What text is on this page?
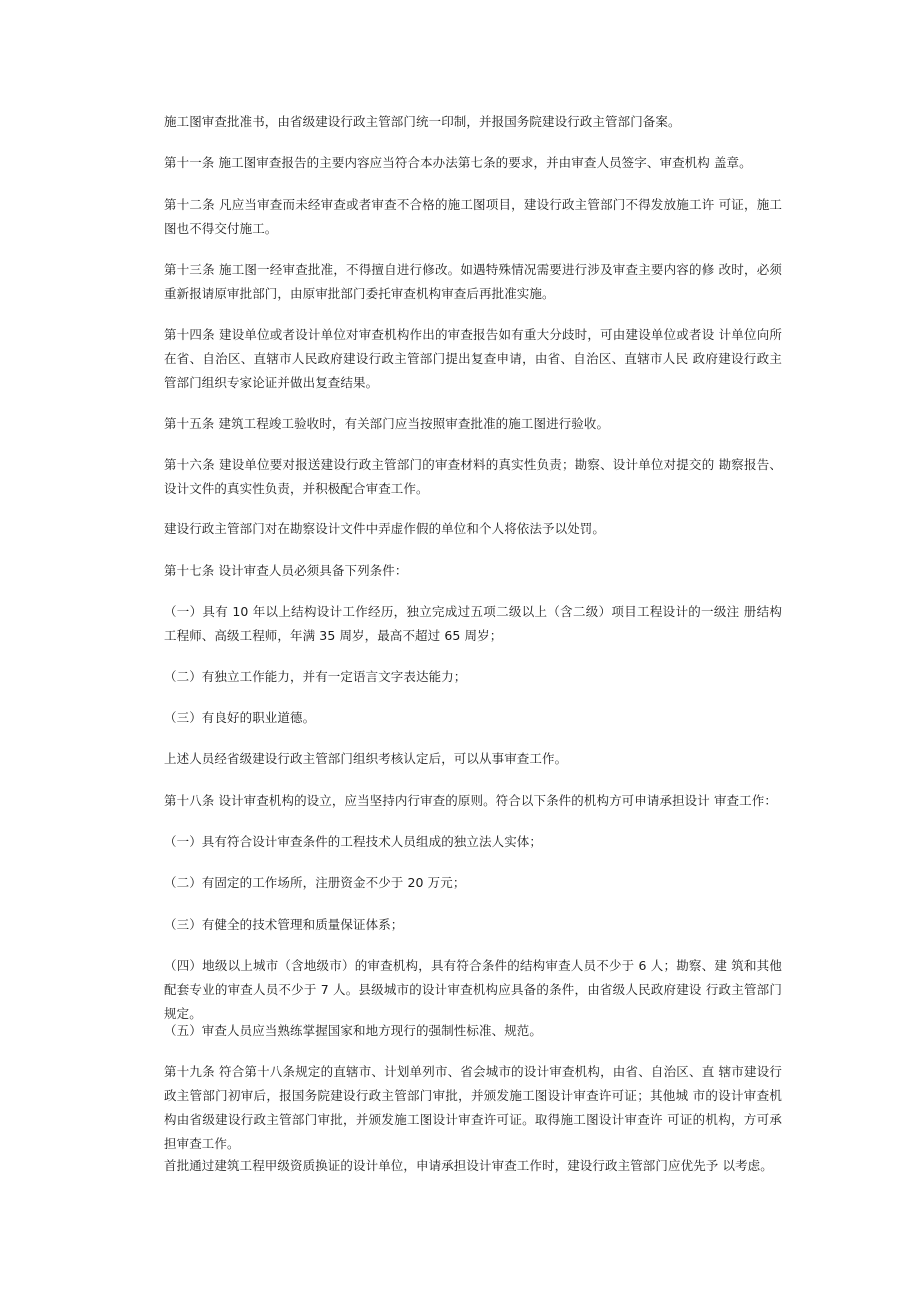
施工图审查批准书，由省级建设行政主管部门统一印制，并报国务院建设行政主管部门备案。

第十一条 施工图审查报告的主要内容应当符合本办法第七条的要求，并由审查人员签字、审查机构 盖章。

第十二条 凡应当审查而未经审查或者审查不合格的施工图项目，建设行政主管部门不得发放施工许 可证，施工图也不得交付施工。

第十三条 施工图一经审查批准，不得擅自进行修改。如遇特殊情况需要进行涉及审查主要内容的修 改时，必须重新报请原审批部门，由原审批部门委托审查机构审查后再批准实施。

第十四条 建设单位或者设计单位对审查机构作出的审查报告如有重大分歧时，可由建设单位或者设 计单位向所在省、自治区、直辖市人民政府建设行政主管部门提出复查申请，由省、自治区、直辖市人民 政府建设行政主管部门组织专家论证并做出复查结果。

第十五条 建筑工程竣工验收时，有关部门应当按照审查批准的施工图进行验收。

第十六条 建设单位要对报送建设行政主管部门的审查材料的真实性负责；勘察、设计单位对提交的 勘察报告、设计文件的真实性负责，并积极配合审查工作。

建设行政主管部门对在勘察设计文件中弄虚作假的单位和个人将依法予以处罚。

第十七条 设计审查人员必须具备下列条件：

（一）具有 10 年以上结构设计工作经历，独立完成过五项二级以上（含二级）项目工程设计的一级注 册结构工程师、高级工程师，年满 35 周岁，最高不超过 65 周岁；

（二）有独立工作能力，并有一定语言文字表达能力；

（三）有良好的职业道德。

上述人员经省级建设行政主管部门组织考核认定后，可以从事审查工作。

第十八条 设计审查机构的设立，应当坚持内行审查的原则。符合以下条件的机构方可申请承担设计 审查工作：

（一）具有符合设计审查条件的工程技术人员组成的独立法人实体；

（二）有固定的工作场所，注册资金不少于 20 万元；

（三）有健全的技术管理和质量保证体系；

（四）地级以上城市（含地级市）的审查机构，具有符合条件的结构审查人员不少于 6 人；勘察、建 筑和其他配套专业的审查人员不少于 7 人。县级城市的设计审查机构应具备的条件，由省级人民政府建设 行政主管部门规定。

（五）审查人员应当熟练掌握国家和地方现行的强制性标准、规范。

第十九条 符合第十八条规定的直辖市、计划单列市、省会城市的设计审查机构，由省、自治区、直 辖市建设行政主管部门初审后，报国务院建设行政主管部门审批，并颁发施工图设计审查许可证；其他城 市的设计审查机构由省级建设行政主管部门审批，并颁发施工图设计审查许可证。取得施工图设计审查许 可证的机构，方可承担审查工作。

首批通过建筑工程甲级资质换证的设计单位，申请承担设计审查工作时，建设行政主管部门应优先予 以考虑。
